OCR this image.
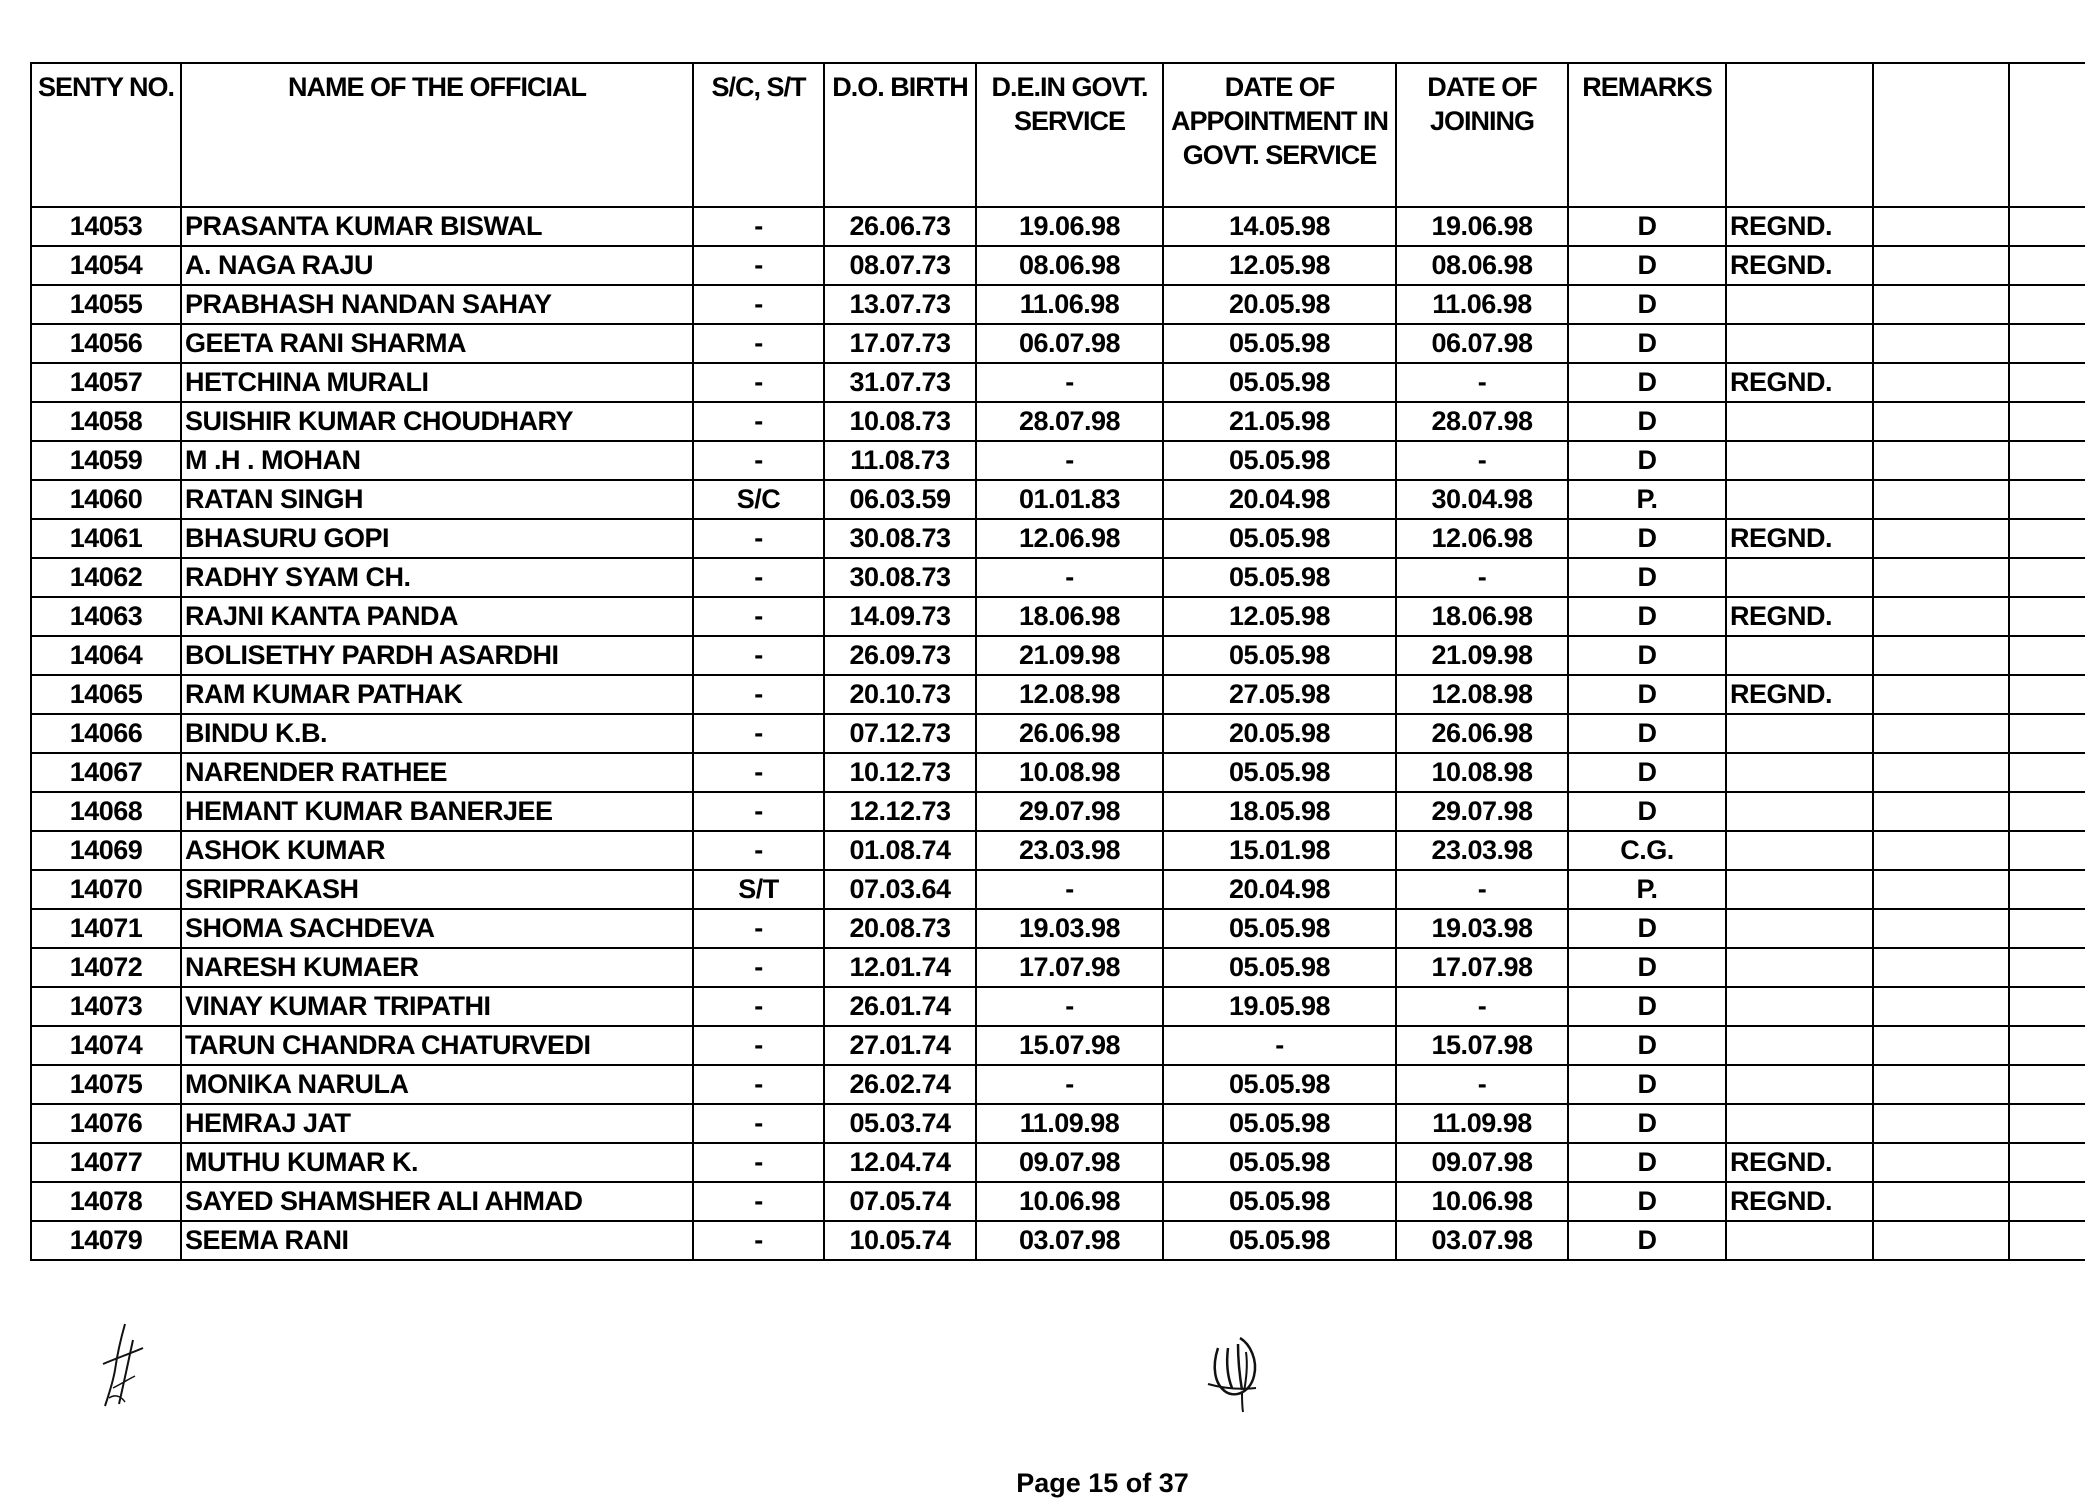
SENTY NO.	NAME OF THE OFFICIAL	S/C, S/T	D.O. BIRTH	D.E.IN GOVT. SERVICE	DATE OF APPOINTMENT IN GOVT. SERVICE	DATE OF JOINING	REMARKS			
14053	PRASANTA KUMAR BISWAL	-	26.06.73	19.06.98	14.05.98	19.06.98	D	REGND.		
14054	A. NAGA RAJU	-	08.07.73	08.06.98	12.05.98	08.06.98	D	REGND.		
14055	PRABHASH NANDAN SAHAY	-	13.07.73	11.06.98	20.05.98	11.06.98	D			
14056	GEETA RANI SHARMA	-	17.07.73	06.07.98	05.05.98	06.07.98	D			
14057	HETCHINA MURALI	-	31.07.73	-	05.05.98	-	D	REGND.		
14058	SUISHIR KUMAR CHOUDHARY	-	10.08.73	28.07.98	21.05.98	28.07.98	D			
14059	M .H . MOHAN	-	11.08.73	-	05.05.98	-	D			
14060	RATAN SINGH	S/C	06.03.59	01.01.83	20.04.98	30.04.98	P.			
14061	BHASURU GOPI	-	30.08.73	12.06.98	05.05.98	12.06.98	D	REGND.		
14062	RADHY SYAM CH.	-	30.08.73	-	05.05.98	-	D			
14063	RAJNI KANTA PANDA	-	14.09.73	18.06.98	12.05.98	18.06.98	D	REGND.		
14064	BOLISETHY PARDH ASARDHI	-	26.09.73	21.09.98	05.05.98	21.09.98	D			
14065	RAM KUMAR PATHAK	-	20.10.73	12.08.98	27.05.98	12.08.98	D	REGND.		
14066	BINDU K.B.	-	07.12.73	26.06.98	20.05.98	26.06.98	D			
14067	NARENDER RATHEE	-	10.12.73	10.08.98	05.05.98	10.08.98	D			
14068	HEMANT KUMAR BANERJEE	-	12.12.73	29.07.98	18.05.98	29.07.98	D			
14069	ASHOK KUMAR	-	01.08.74	23.03.98	15.01.98	23.03.98	C.G.			
14070	SRIPRAKASH	S/T	07.03.64	-	20.04.98	-	P.			
14071	SHOMA SACHDEVA	-	20.08.73	19.03.98	05.05.98	19.03.98	D			
14072	NARESH KUMAER	-	12.01.74	17.07.98	05.05.98	17.07.98	D			
14073	VINAY KUMAR TRIPATHI	-	26.01.74	-	19.05.98	-	D			
14074	TARUN CHANDRA CHATURVEDI	-	27.01.74	15.07.98	-	15.07.98	D			
14075	MONIKA NARULA	-	26.02.74	-	05.05.98	-	D			
14076	HEMRAJ JAT	-	05.03.74	11.09.98	05.05.98	11.09.98	D			
14077	MUTHU KUMAR K.	-	12.04.74	09.07.98	05.05.98	09.07.98	D	REGND.		
14078	SAYED SHAMSHER ALI AHMAD	-	07.05.74	10.06.98	05.05.98	10.06.98	D	REGND.		
14079	SEEMA RANI	-	10.05.74	03.07.98	05.05.98	03.07.98	D			
Page 15 of 37
